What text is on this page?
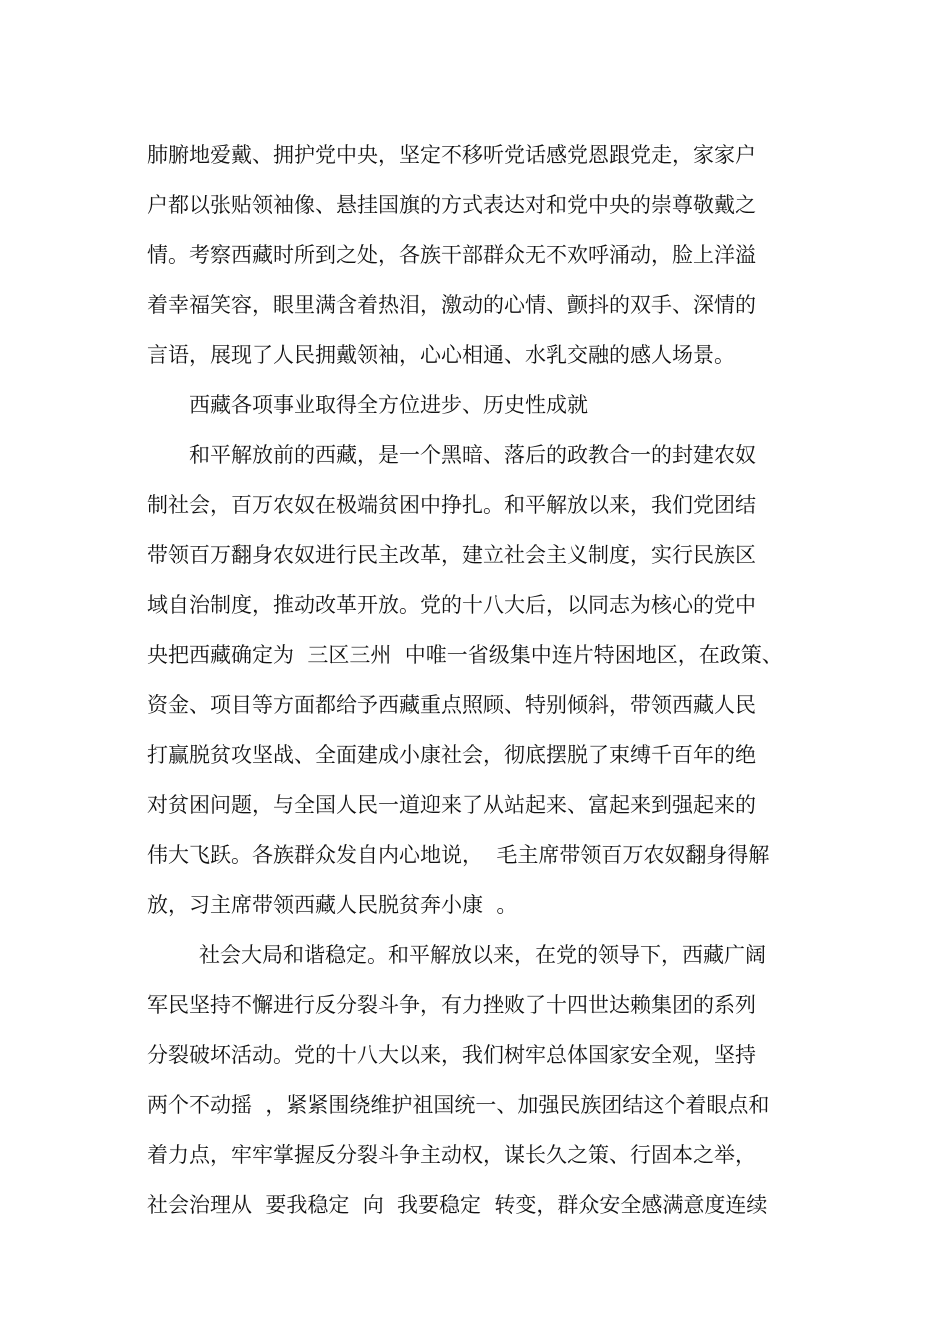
肺腑地爱戴、拥护党中央，坚定不移听党话感党恩跟党走，家家户
户都以张贴领袖像、悬挂国旗的方式表达对和党中央的崇尊敬戴之
情。考察西藏时所到之处，各族干部群众无不欢呼涌动，脸上洋溢
着幸福笑容，眼里满含着热泪，激动的心情、颤抖的双手、深情的
言语，展现了人民拥戴领袖，心心相通、水乳交融的感人场景。
西藏各项事业取得全方位进步、历史性成就
和平解放前的西藏，是一个黑暗、落后的政教合一的封建农奴
制社会，百万农奴在极端贫困中挣扎。和平解放以来，我们党团结
带领百万翻身农奴进行民主改革，建立社会主义制度，实行民族区
域自治制度，推动改革开放。党的十八大后，以同志为核心的党中
央把西藏确定为  三区三州  中唯一省级集中连片特困地区，在政策、
资金、项目等方面都给予西藏重点照顾、特别倾斜，带领西藏人民
打赢脱贫攻坚战、全面建成小康社会，彻底摆脱了束缚千百年的绝
对贫困问题，与全国人民一道迎来了从站起来、富起来到强起来的
伟大飞跃。各族群众发自内心地说，  毛主席带领百万农奴翻身得解
放，习主席带领西藏人民脱贫奔小康  。
社会大局和谐稳定。和平解放以来，在党的领导下，西藏广阔
军民坚持不懈进行反分裂斗争，有力挫败了十四世达赖集团的系列
分裂破坏活动。党的十八大以来，我们树牢总体国家安全观，坚持
两个不动摇  ，紧紧围绕维护祖国统一、加强民族团结这个着眼点和
着力点，牢牢掌握反分裂斗争主动权，谋长久之策、行固本之举，
社会治理从  要我稳定  向  我要稳定  转变，群众安全感满意度连续
